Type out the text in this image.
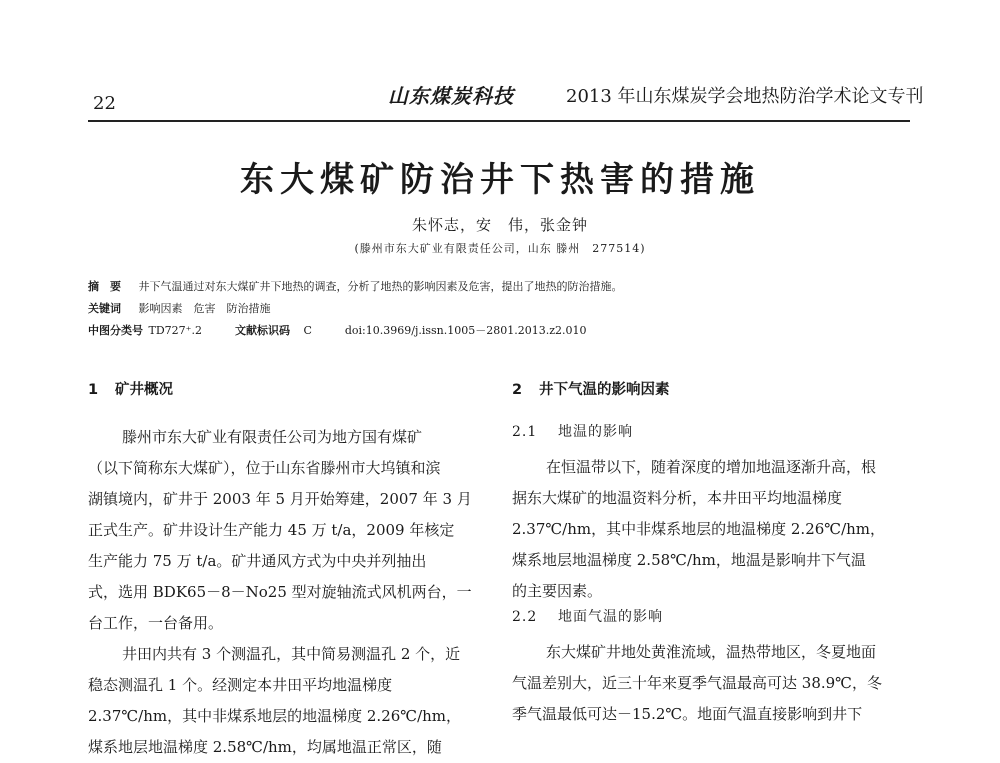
22	山东煤炭科技	2013 年山东煤炭学会地热防治学术论文专刊
东大煤矿防治井下热害的措施
朱怀志，安　伟，张金钟
(滕州市东大矿业有限责任公司，山东 滕州　277514)
摘　要 井下气温通过对东大煤矿井下地热的调查，分析了地热的影响因素及危害，提出了地热的防治措施。
关键词 影响因素　危害　防治措施
中图分类号 TD727⁺.2	文献标识码 C	doi:10.3969/j.issn.1005－2801.2013.z2.010
1 矿井概况
滕州市东大矿业有限责任公司为地方国有煤矿
（以下简称东大煤矿），位于山东省滕州市大坞镇和滨
湖镇境内，矿井于 2003 年 5 月开始筹建，2007 年 3 月
正式生产。矿井设计生产能力 45 万 t/a，2009 年核定
生产能力 75 万 t/a。矿井通风方式为中央并列抽出
式，选用 BDK65－8－No25 型对旋轴流式风机两台，一
台工作，一台备用。
井田内共有 3 个测温孔，其中简易测温孔 2 个，近
稳态测温孔 1 个。经测定本井田平均地温梯度
2.37℃/hm，其中非煤系地层的地温梯度 2.26℃/hm，
煤系地层地温梯度 2.58℃/hm，均属地温正常区，随
2 井下气温的影响因素
2.1 地温的影响
在恒温带以下，随着深度的增加地温逐渐升高，根
据东大煤矿的地温资料分析，本井田平均地温梯度
2.37℃/hm，其中非煤系地层的地温梯度 2.26℃/hm，
煤系地层地温梯度 2.58℃/hm，地温是影响井下气温
的主要因素。
2.2 地面气温的影响
东大煤矿井地处黄淮流域，温热带地区，冬夏地面
气温差别大，近三十年来夏季气温最高可达 38.9℃，冬
季气温最低可达－15.2℃。地面气温直接影响到井下
